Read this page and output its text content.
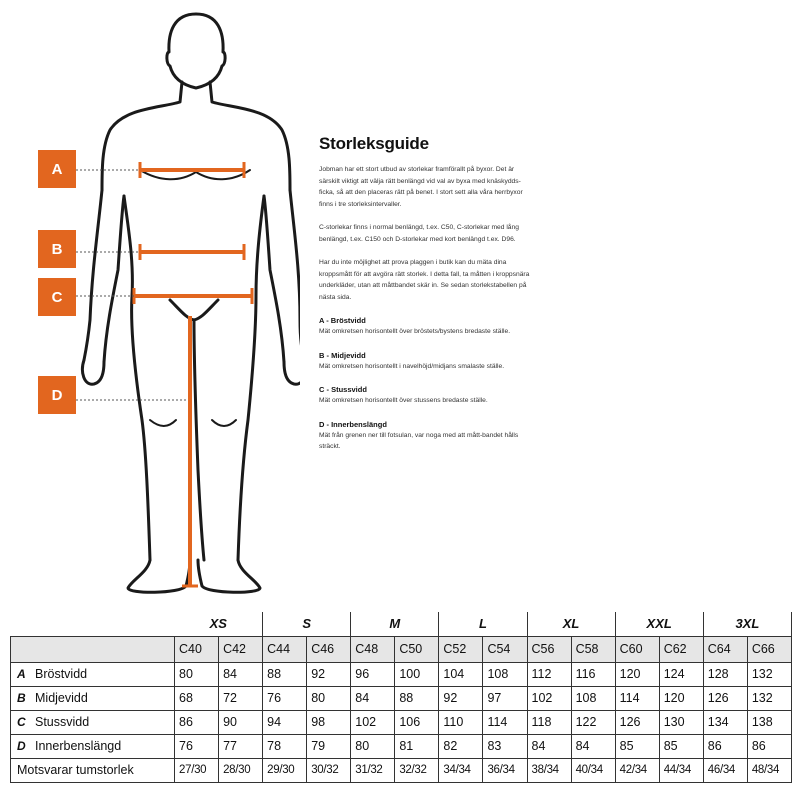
A
B
C
D
Storleksguide

Jobman har ett stort utbud av storlekar framförallt på byxor. Det är särskilt viktigt att välja rätt benlängd vid val av byxa med knäskydds-ficka, så att den placeras rätt på benet. I stort sett alla våra herrbyxor finns i tre storleksintervaller.

C-storlekar finns i normal benlängd, t.ex. C50, C-storlekar med lång benlängd, t.ex. C150 och D-storlekar med kort benlängd t.ex. D96.

Har du inte möjlighet att prova plaggen i butik kan du mäta dina kroppsmått för att avgöra rätt storlek. I detta fall, ta måtten i kroppsnära underkläder, utan att måttbandet skär in. Se sedan storlekstabellen på nästa sida.

A - Bröstvidd
Mät omkretsen horisontellt över bröstets/bystens bredaste ställe.
B - Midjevidd
Mät omkretsen horisontellt i navelhöjd/midjans smalaste ställe.
C - Stussvidd
Mät omkretsen horisontellt över stussens bredaste ställe.
D - Innerbenslängd
Mät från grenen ner till fotsulan, var noga med att mått-bandet hålls sträckt.
	XS		S		M		L		XL		XXL		3XL	
	C40	C42	C44	C46	C48	C50	C52	C54	C56	C58	C60	C62	C64	C66
A Bröstvidd	80	84	88	92	96	100	104	108	112	116	120	124	128	132
B Midjevidd	68	72	76	80	84	88	92	97	102	108	114	120	126	132
C Stussvidd	86	90	94	98	102	106	110	114	118	122	126	130	134	138
D Innerbenslängd	76	77	78	79	80	81	82	83	84	84	85	85	86	86
Motsvarar tumstorlek	27/30	28/30	29/30	30/32	31/32	32/32	34/34	36/34	38/34	40/34	42/34	44/34	46/34	48/34
